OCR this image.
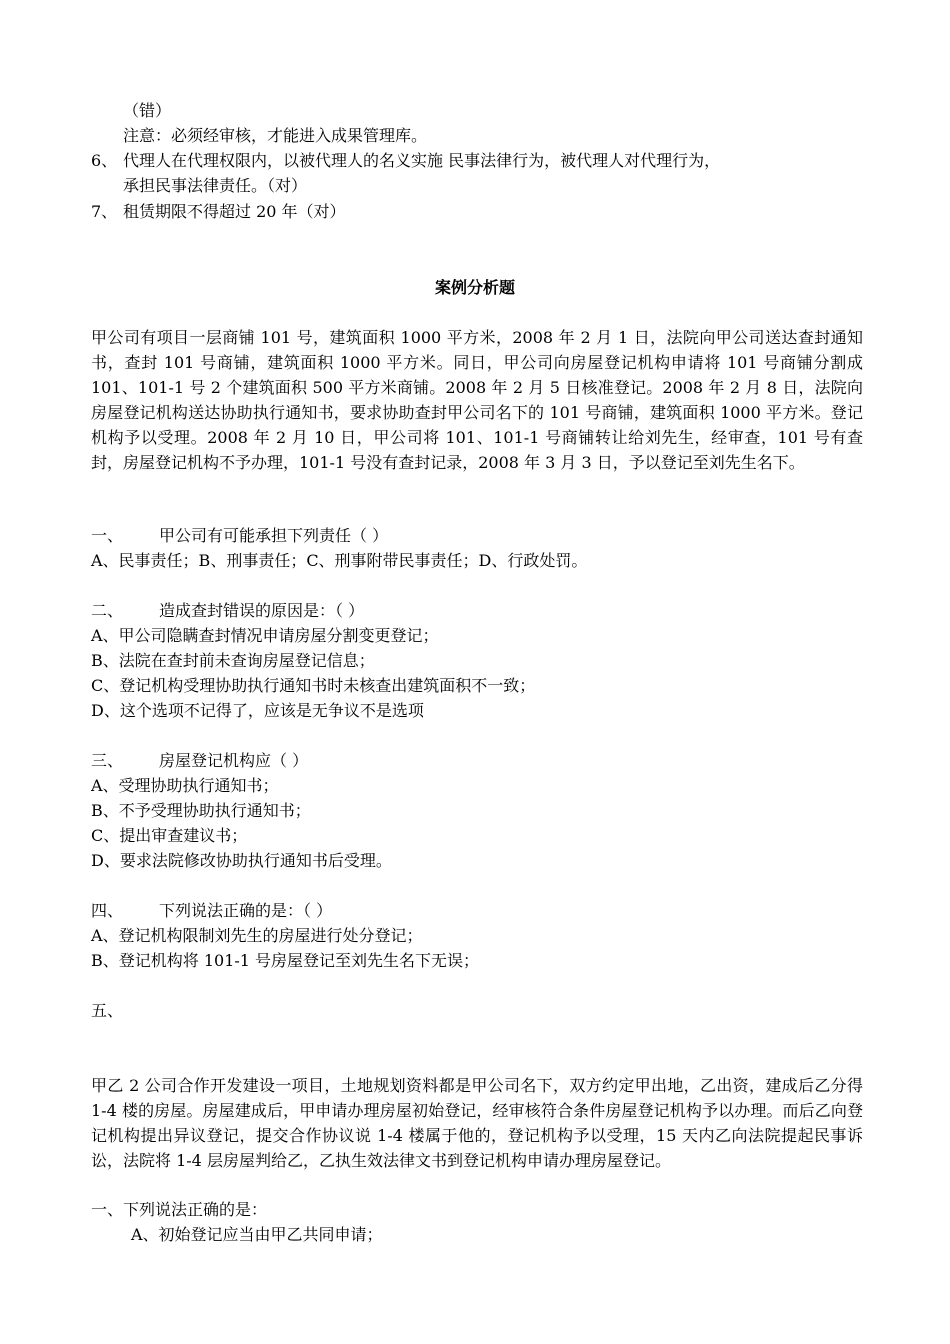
（错）
注意：必须经审核，才能进入成果管理库。
6、 代理人在代理权限内，以被代理人的名义实施 民事法律行为，被代理人对代理行为，
承担民事法律责任。（对）
7、 租赁期限不得超过 20 年（对）
案例分析题
甲公司有项目一层商铺 101 号，建筑面积 1000 平方米，2008 年 2 月 1 日，法院向甲公司送达查封通知书，查封 101 号商铺，建筑面积 1000 平方米。同日，甲公司向房屋登记机构申请将 101 号商铺分割成 101、101-1 号 2 个建筑面积 500 平方米商铺。2008 年 2 月 5 日核准登记。2008 年 2 月 8 日，法院向房屋登记机构送达协助执行通知书，要求协助查封甲公司名下的 101 号商铺，建筑面积 1000 平方米。登记机构予以受理。2008 年 2 月 10 日，甲公司将 101、101-1 号商铺转让给刘先生，经审查，101 号有查封，房屋登记机构不予办理，101-1 号没有查封记录，2008 年 3 月 3 日，予以登记至刘先生名下。
一、 甲公司有可能承担下列责任（ ）
A、民事责任；B、刑事责任；C、刑事附带民事责任；D、行政处罚。
二、 造成查封错误的原因是：（ ）
A、甲公司隐瞒查封情况申请房屋分割变更登记；
B、法院在查封前未查询房屋登记信息；
C、登记机构受理协助执行通知书时未核查出建筑面积不一致；
D、这个选项不记得了，应该是无争议不是选项
三、 房屋登记机构应（ ）
A、受理协助执行通知书；
B、不予受理协助执行通知书；
C、提出审查建议书；
D、要求法院修改协助执行通知书后受理。
四、 下列说法正确的是：（ ）
A、登记机构限制刘先生的房屋进行处分登记；
B、登记机构将 101-1 号房屋登记至刘先生名下无误；
五、
甲乙 2 公司合作开发建设一项目，土地规划资料都是甲公司名下，双方约定甲出地，乙出资，建成后乙分得 1-4 楼的房屋。房屋建成后，甲申请办理房屋初始登记，经审核符合条件房屋登记机构予以办理。而后乙向登记机构提出异议登记，提交合作协议说 1-4 楼属于他的，登记机构予以受理，15 天内乙向法院提起民事诉讼，法院将 1-4 层房屋判给乙，乙执生效法律文书到登记机构申请办理房屋登记。
一、下列说法正确的是：
A、初始登记应当由甲乙共同申请；
